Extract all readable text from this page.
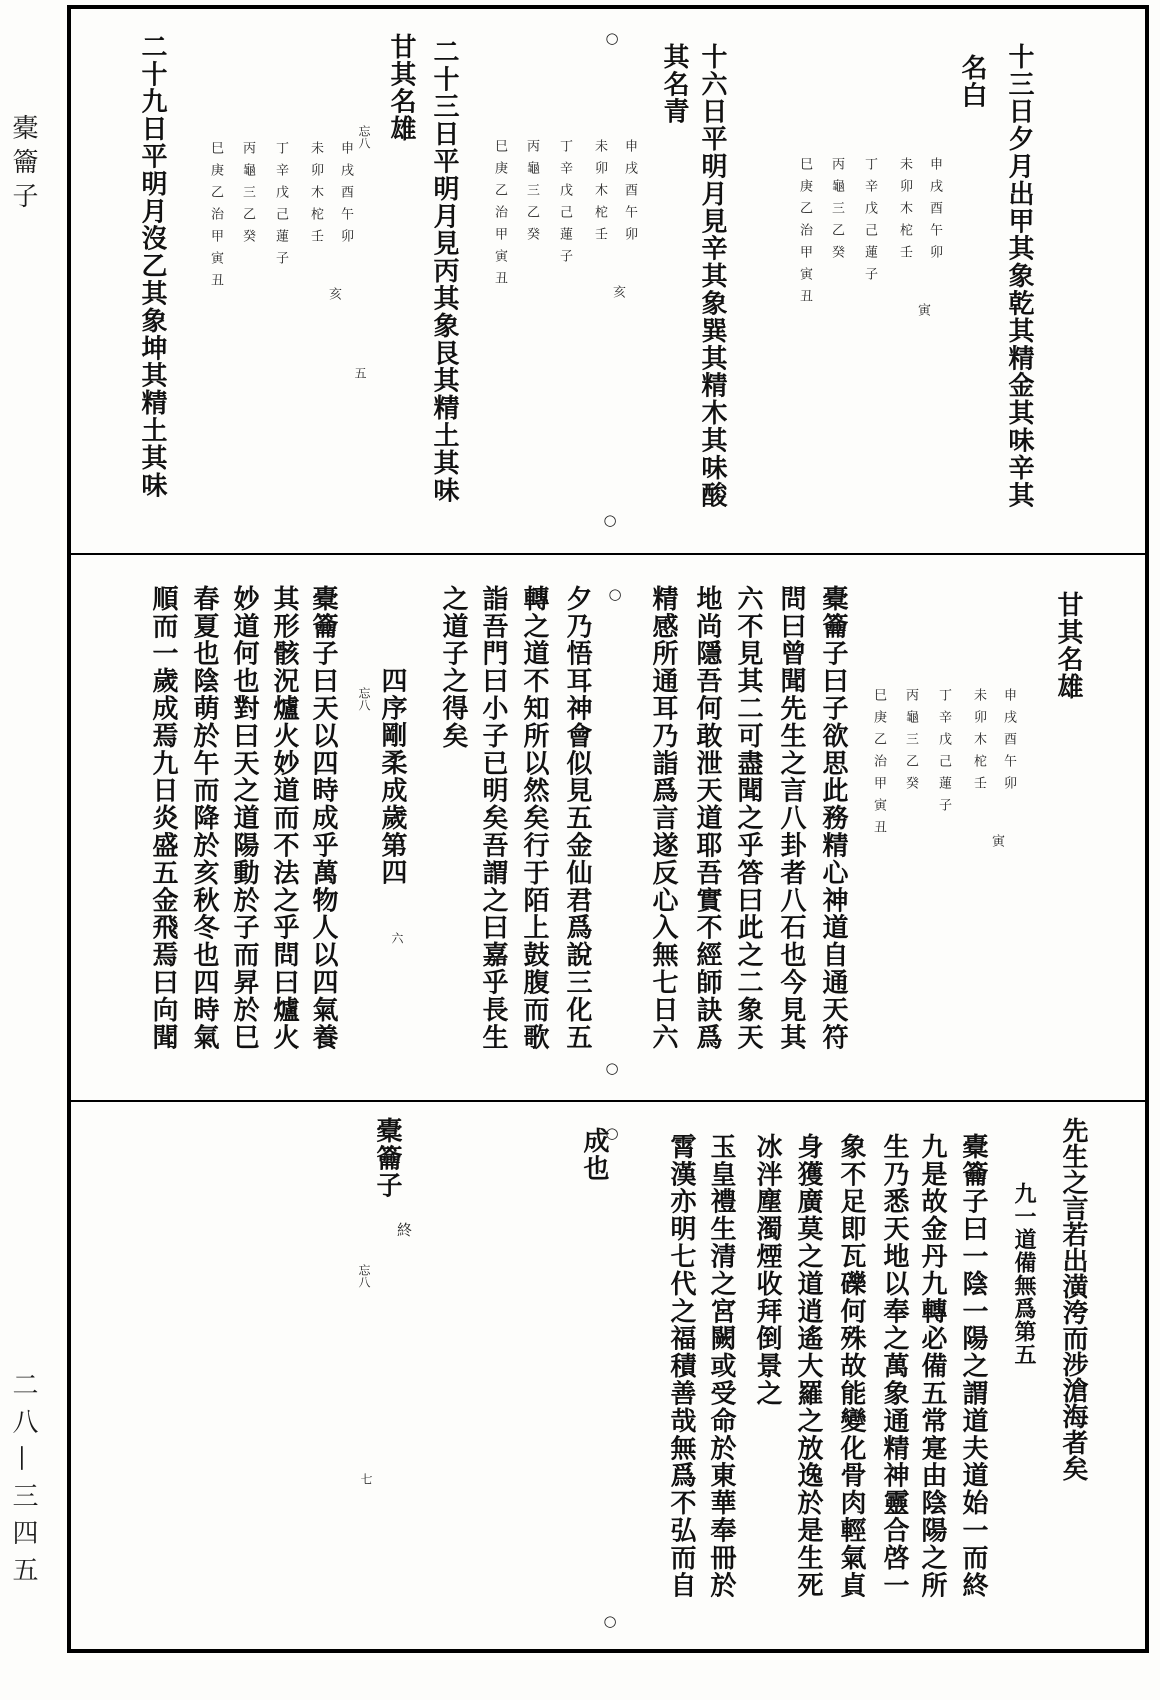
橐籥子
二八—三四五
十三日夕月出甲其象乾其精金其味辛其
名白
十六日平明月見辛其象巽其精木其味酸
其名青
二十三日平明月見丙其象艮其精土其味
甘其名雄
二十九日平明月沒乙其象坤其精土其味	申戌酉午卯
未卯木柁壬
丁辛戊己蓮子
丙龜三乙癸
巳庚乙治甲寅丑
寅
申戌酉午卯
未卯木柁壬
丁辛戊己蓮子
丙龜三乙癸
巳庚乙治甲寅丑
亥
申戌酉午卯
未卯木柁壬
丁辛戊己蓮子
丙龜三乙癸
巳庚乙治甲寅丑
亥
忘八
五
○
○
甘其名雄
申戌酉午卯
未卯木柁壬
丁辛戊己蓮子
丙龜三乙癸
巳庚乙治甲寅丑
寅
橐籥子曰子欲思此務精心神道自通天符
問曰曾聞先生之言八卦者八石也今見其
六不見其二可盡聞之乎答曰此之二象天
地尚隱吾何敢泄天道耶吾實不經師訣爲
精感所通耳乃詣爲言遂反心入無七日六
夕乃悟耳神會似見五金仙君爲說三化五
轉之道不知所以然矣行于陌上鼓腹而歌
詣吾門曰小子已明矣吾謂之曰嘉乎長生
之道子之得矣
四序剛柔成歲第四
橐籥子曰天以四時成乎萬物人以四氣養
其形骸況爐火妙道而不法之乎問曰爐火
妙道何也對曰天之道陽動於子而昇於巳
春夏也陰萌於午而降於亥秋冬也四時氣
順而一歲成焉九日炎盛五金飛焉曰向聞	忘八
六
○
○
先生之言若出潢洿而涉滄海者矣
九一道備無爲第五
橐籥子曰一陰一陽之謂道夫道始一而終
九是故金丹九轉必備五常寔由陰陽之所
生乃悉天地以奉之萬象通精神靈合啓一
象不足即瓦礫何殊故能變化骨肉輕氣貞
身獲廣莫之道逍遙大羅之放逸於是生死
冰泮塵濁煙收拜倒景之
玉皇禮生清之宮闕或受命於東華奉冊於
霄漢亦明七代之福積善哉無爲不弘而自
成也
橐籥子
終
忘八
七
○
○
